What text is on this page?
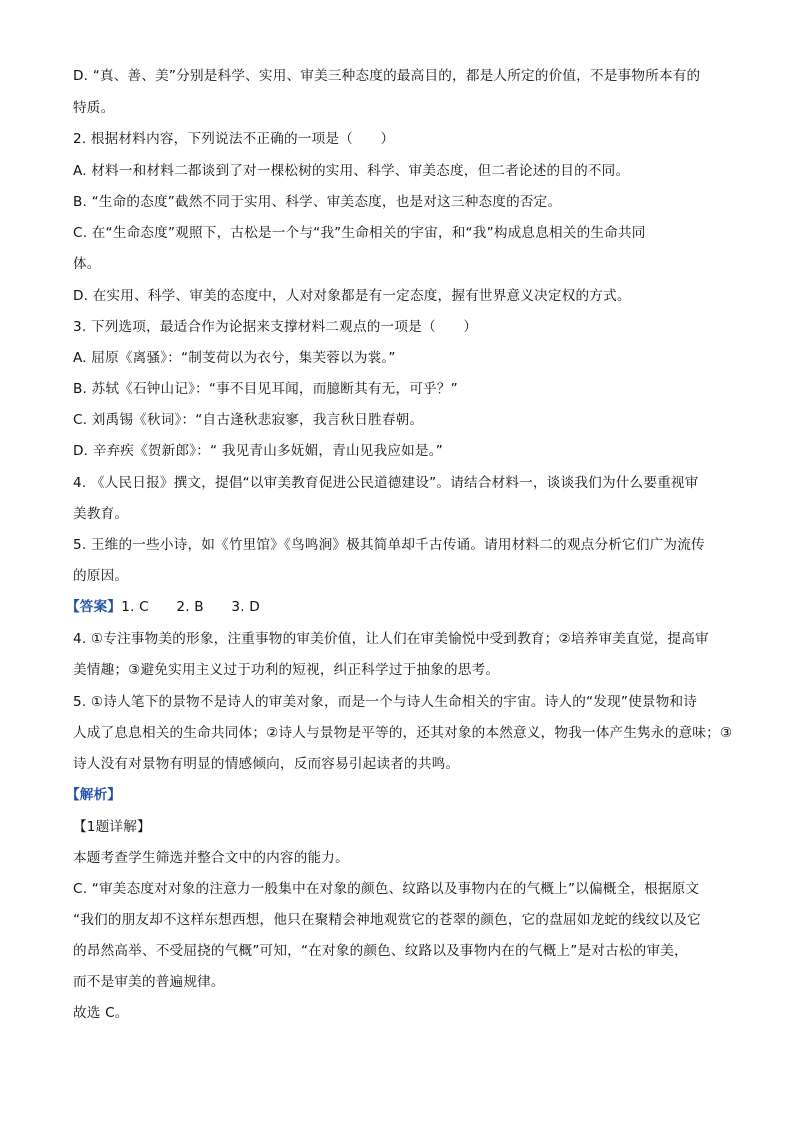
D. “真、善、美”分别是科学、实用、审美三种态度的最高目的，都是人所定的价值，不是事物所本有的
特质。
2. 根据材料内容，下列说法不正确的一项是（　　）
A. 材料一和材料二都谈到了对一棵松树的实用、科学、审美态度，但二者论述的目的不同。
B. “生命的态度”截然不同于实用、科学、审美态度，也是对这三种态度的否定。
C. 在“生命态度”观照下，古松是一个与“我”生命相关的宇宙，和“我”构成息息相关的生命共同
体。
D. 在实用、科学、审美的态度中，人对对象都是有一定态度，握有世界意义决定权的方式。
3. 下列选项，最适合作为论据来支撑材料二观点的一项是（　　）
A. 屈原《离骚》：“制芰荷以为衣兮，集芙蓉以为裳。”
B. 苏轼《石钟山记》：“事不目见耳闻，而臆断其有无，可乎？”
C. 刘禹锡《秋词》：“自古逢秋悲寂寥，我言秋日胜春朝。
D. 辛弃疾《贺新郎》：“ 我见青山多妩媚，青山见我应如是。”
4. 《人民日报》撰文，提倡“以审美教育促进公民道德建设”。请结合材料一，谈谈我们为什么要重视审
美教育。
5. 王维的一些小诗，如《竹里馆》《鸟鸣涧》极其简单却千古传诵。请用材料二的观点分析它们广为流传
的原因。
【答案】1. C　　2. B　　3. D
4. ①专注事物美的形象，注重事物的审美价值，让人们在审美愉悦中受到教育；②培养审美直觉，提高审
美情趣；③避免实用主义过于功利的短视，纠正科学过于抽象的思考。
5. ①诗人笔下的景物不是诗人的审美对象，而是一个与诗人生命相关的宇宙。诗人的“发现”使景物和诗
人成了息息相关的生命共同体；②诗人与景物是平等的，还其对象的本然意义，物我一体产生隽永的意味；③
诗人没有对景物有明显的情感倾向，反而容易引起读者的共鸣。
【解析】
【1题详解】
本题考查学生筛选并整合文中的内容的能力。
C. “审美态度对对象的注意力一般集中在对象的颜色、纹路以及事物内在的气概上”以偏概全，根据原文
“我们的朋友却不这样东想西想，他只在聚精会神地观赏它的苍翠的颜色，它的盘屈如龙蛇的线纹以及它
的昂然高举、不受屈挠的气概”可知，“在对象的颜色、纹路以及事物内在的气概上”是对古松的审美，
而不是审美的普遍规律。
故选 C。
